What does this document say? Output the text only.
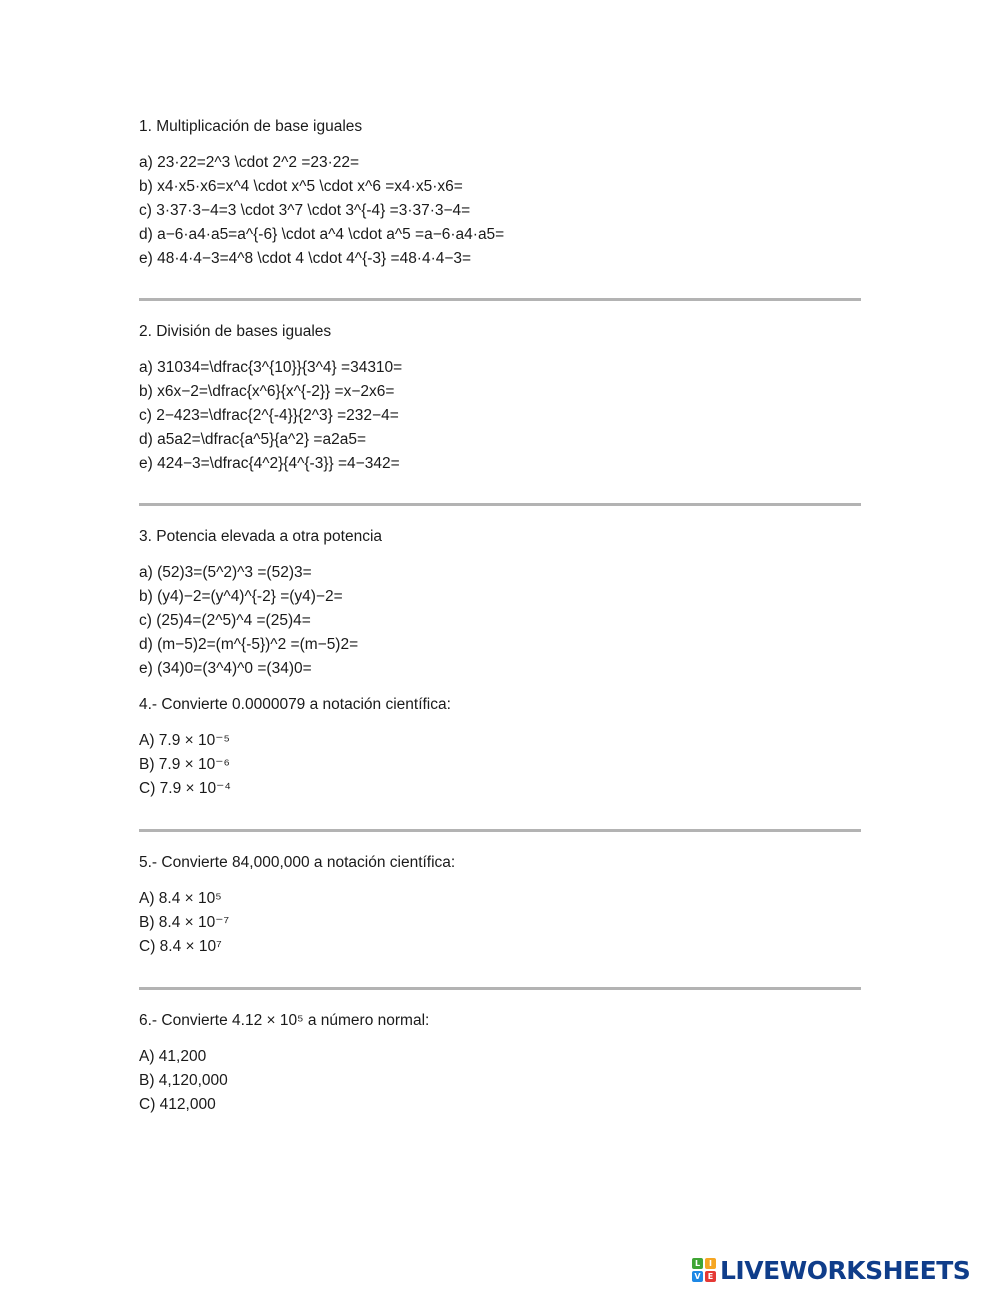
1. Multiplicación de base iguales

a) 23·22=2^3 \cdot 2^2 =23·22=
b) x4·x5·x6=x^4 \cdot x^5 \cdot x^6 =x4·x5·x6=
c) 3·37·3−4=3 \cdot 3^7 \cdot 3^{-4} =3·37·3−4=
d) a−6·a4·a5=a^{-6} \cdot a^4 \cdot a^5 =a−6·a4·a5=
e) 48·4·4−3=4^8 \cdot 4 \cdot 4^{-3} =48·4·4−3=

2. División de bases iguales

a) 31034=\dfrac{3^{10}}{3^4} =34310=
b) x6x−2=\dfrac{x^6}{x^{-2}} =x−2x6=
c) 2−423=\dfrac{2^{-4}}{2^3} =232−4=
d) a5a2=\dfrac{a^5}{a^2} =a2a5=
e) 424−3=\dfrac{4^2}{4^{-3}} =4−342=

3. Potencia elevada a otra potencia

a) (52)3=(5^2)^3 =(52)3=
b) (y4)−2=(y^4)^{-2} =(y4)−2=
c) (25)4=(2^5)^4 =(25)4=
d) (m−5)2=(m^{-5})^2 =(m−5)2=
e) (34)0=(3^4)^0 =(34)0=

4.- Convierte 0.0000079 a notación científica:

A) 7.9 × 10⁻⁵
B) 7.9 × 10⁻⁶
C) 7.9 × 10⁻⁴

5.- Convierte 84,000,000 a notación científica:

A) 8.4 × 10⁵
B) 8.4 × 10⁻⁷
C) 8.4 × 10⁷

6.- Convierte 4.12 × 10⁵ a número normal:

A) 41,200
B) 4,120,000
C) 412,000
L	I
V E LIVEWORKSHEETS
